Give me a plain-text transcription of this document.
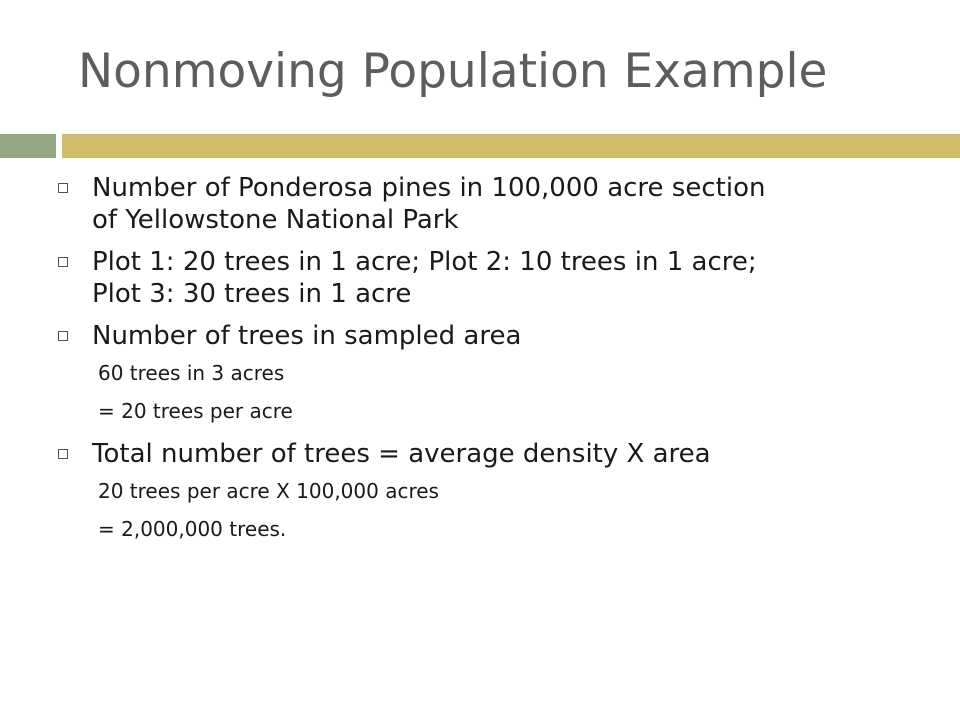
Nonmoving Population Example
Number of Ponderosa pines in 100,000 acre section
of Yellowstone National Park
Plot 1: 20 trees in 1 acre; Plot 2: 10 trees in 1 acre;
Plot 3: 30 trees in 1 acre
Number of trees in sampled area
60 trees in 3 acres
= 20 trees per acre
Total number of trees = average density X area
20 trees per acre X 100,000 acres
= 2,000,000 trees.
